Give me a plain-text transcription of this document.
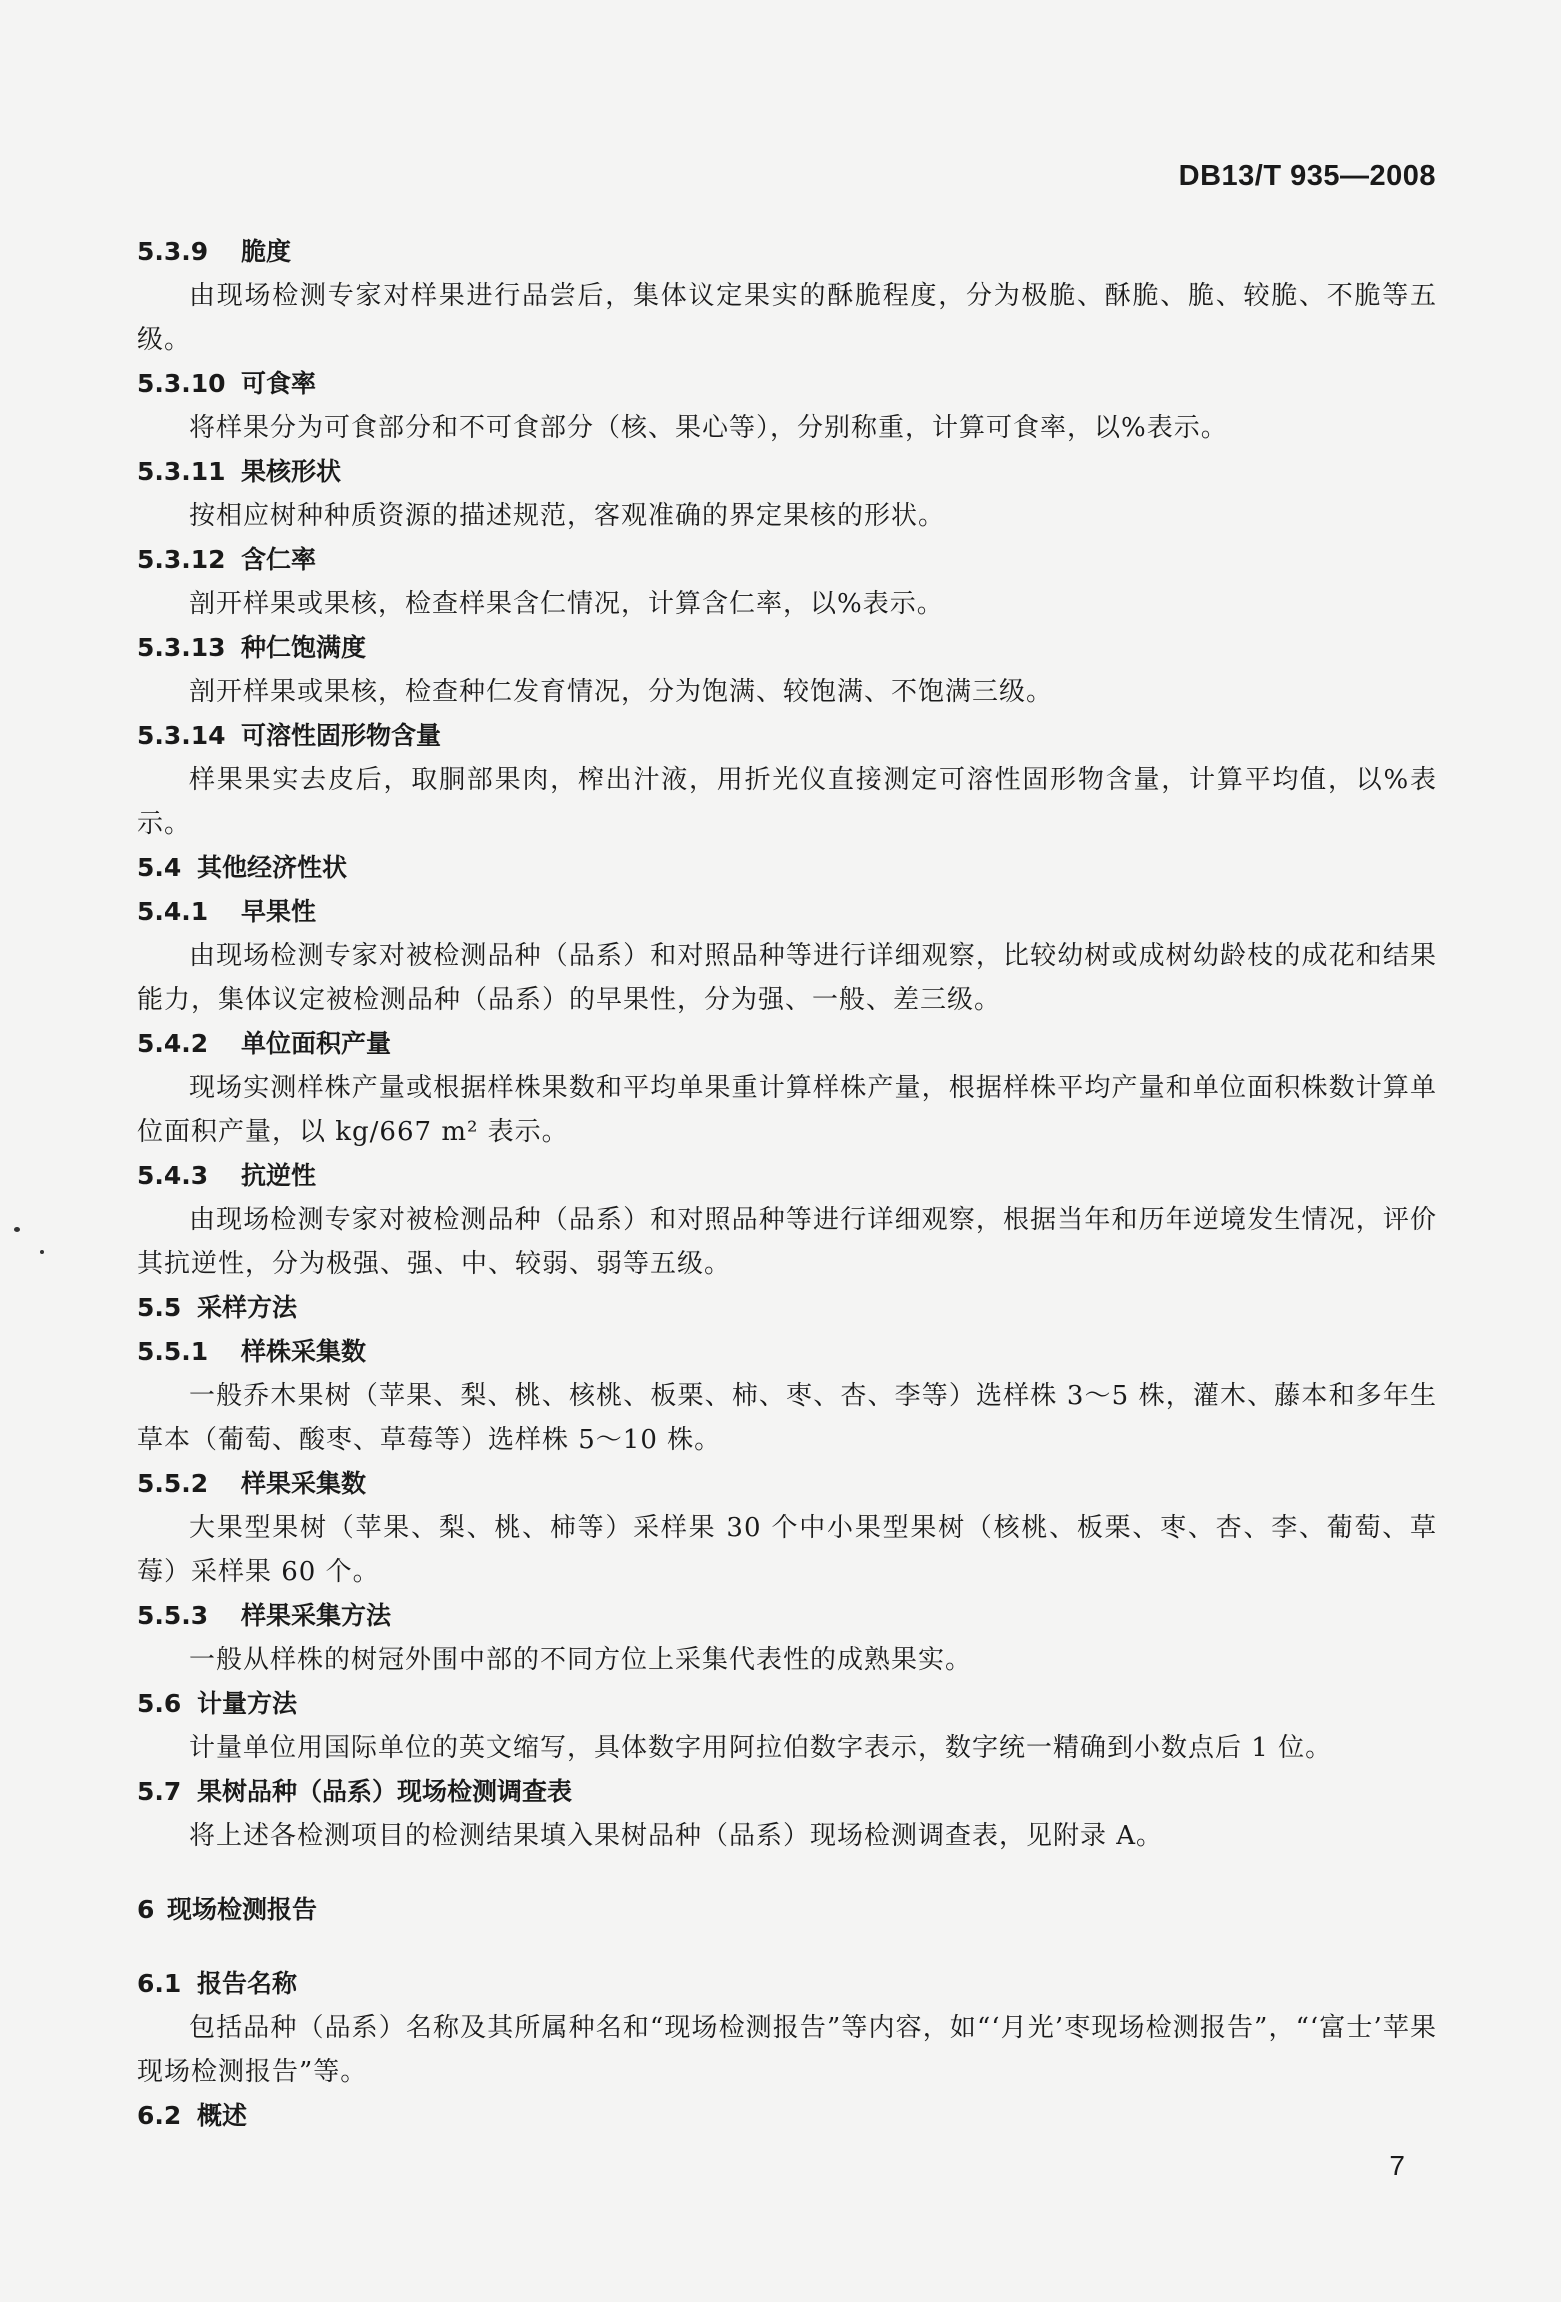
DB13/T 935—2008
5.3.9 脆度
由现场检测专家对样果进行品尝后，集体议定果实的酥脆程度，分为极脆、酥脆、脆、较脆、不脆等五级。
5.3.10 可食率
将样果分为可食部分和不可食部分（核、果心等），分别称重，计算可食率，以%表示。
5.3.11 果核形状
按相应树种种质资源的描述规范，客观准确的界定果核的形状。
5.3.12 含仁率
剖开样果或果核，检查样果含仁情况，计算含仁率，以%表示。
5.3.13 种仁饱满度
剖开样果或果核，检查种仁发育情况，分为饱满、较饱满、不饱满三级。
5.3.14 可溶性固形物含量
样果果实去皮后，取胴部果肉，榨出汁液，用折光仪直接测定可溶性固形物含量，计算平均值，以%表示。
5.4 其他经济性状
5.4.1 早果性
由现场检测专家对被检测品种（品系）和对照品种等进行详细观察，比较幼树或成树幼龄枝的成花和结果能力，集体议定被检测品种（品系）的早果性，分为强、一般、差三级。
5.4.2 单位面积产量
现场实测样株产量或根据样株果数和平均单果重计算样株产量，根据样株平均产量和单位面积株数计算单位面积产量，以 kg/667 m² 表示。
5.4.3 抗逆性
由现场检测专家对被检测品种（品系）和对照品种等进行详细观察，根据当年和历年逆境发生情况，评价其抗逆性，分为极强、强、中、较弱、弱等五级。
5.5 采样方法
5.5.1 样株采集数
一般乔木果树（苹果、梨、桃、核桃、板栗、柿、枣、杏、李等）选样株 3～5 株，灌木、藤本和多年生草本（葡萄、酸枣、草莓等）选样株 5～10 株。
5.5.2 样果采集数
大果型果树（苹果、梨、桃、柿等）采样果 30 个中小果型果树（核桃、板栗、枣、杏、李、葡萄、草莓）采样果 60 个。
5.5.3 样果采集方法
一般从样株的树冠外围中部的不同方位上采集代表性的成熟果实。
5.6 计量方法
计量单位用国际单位的英文缩写，具体数字用阿拉伯数字表示，数字统一精确到小数点后 1 位。
5.7 果树品种（品系）现场检测调查表
将上述各检测项目的检测结果填入果树品种（品系）现场检测调查表，见附录 A。
6 现场检测报告
6.1 报告名称
包括品种（品系）名称及其所属种名和“现场检测报告”等内容，如“‘月光’枣现场检测报告”，“‘富士’苹果现场检测报告”等。
6.2 概述
7
